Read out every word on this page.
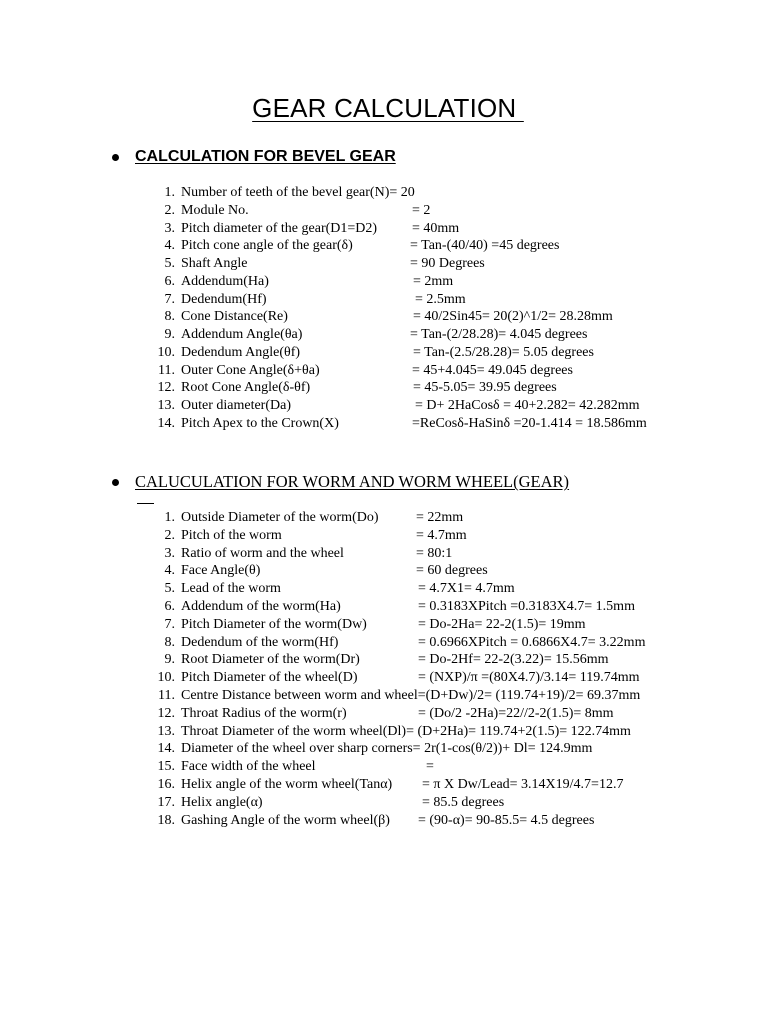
GEAR CALCULATION
CALCULATION FOR BEVEL GEAR
1. Number of teeth of the bevel gear(N)= 20
2. Module No.	= 2
3. Pitch diameter of the gear(D1=D2) = 40mm
4. Pitch cone angle of the gear(δ)	= Tan-(40/40) =45 degrees
5. Shaft Angle	= 90 Degrees
6. Addendum(Ha)	= 2mm
7. Dedendum(Hf)	= 2.5mm
8. Cone Distance(Re)	= 40/2Sin45= 20(2)^1/2= 28.28mm
9. Addendum Angle(θa)	= Tan-(2/28.28)= 4.045 degrees
10. Dedendum Angle(θf)	= Tan-(2.5/28.28)= 5.05 degrees
11. Outer Cone Angle(δ+θa)	= 45+4.045= 49.045 degrees
12. Root Cone Angle(δ-θf)	= 45-5.05= 39.95 degrees
13. Outer diameter(Da)	= D+ 2HaCosδ = 40+2.282= 42.282mm
14. Pitch Apex to the Crown(X)	=ReCosδ-HaSinδ =20-1.414 = 18.586mm
CALUCULATION FOR WORM AND WORM WHEEL(GEAR)
1. Outside Diameter of the worm(Do)	= 22mm
2. Pitch of the worm	= 4.7mm
3. Ratio of worm and the wheel	= 80:1
4. Face Angle(θ)	= 60 degrees
5. Lead of the worm	= 4.7X1= 4.7mm
6. Addendum of the worm(Ha)	= 0.3183XPitch =0.3183X4.7= 1.5mm
7. Pitch Diameter of the worm(Dw)	= Do-2Ha= 22-2(1.5)= 19mm
8. Dedendum of the worm(Hf)	= 0.6966XPitch = 0.6866X4.7= 3.22mm
9. Root Diameter of the worm(Dr)	= Do-2Hf= 22-2(3.22)= 15.56mm
10. Pitch Diameter of the wheel(D)	= (NXP)/π =(80X4.7)/3.14= 119.74mm
11. Centre Distance between worm and wheel=(D+Dw)/2= (119.74+19)/2= 69.37mm
12. Throat Radius of the worm(r)	= (Do/2 -2Ha)=22//2-2(1.5)= 8mm
13. Throat Diameter of the worm wheel(Dl)= (D+2Ha)= 119.74+2(1.5)= 122.74mm
14. Diameter of the wheel over sharp corners= 2r(1-cos(θ/2))+ Dl= 124.9mm
15. Face width of the wheel	=
16. Helix angle of the worm wheel(Tanα) = π X Dw/Lead= 3.14X19/4.7=12.7
17. Helix angle(α)	= 85.5 degrees
18. Gashing Angle of the worm wheel(β) = (90-α)= 90-85.5= 4.5 degrees
